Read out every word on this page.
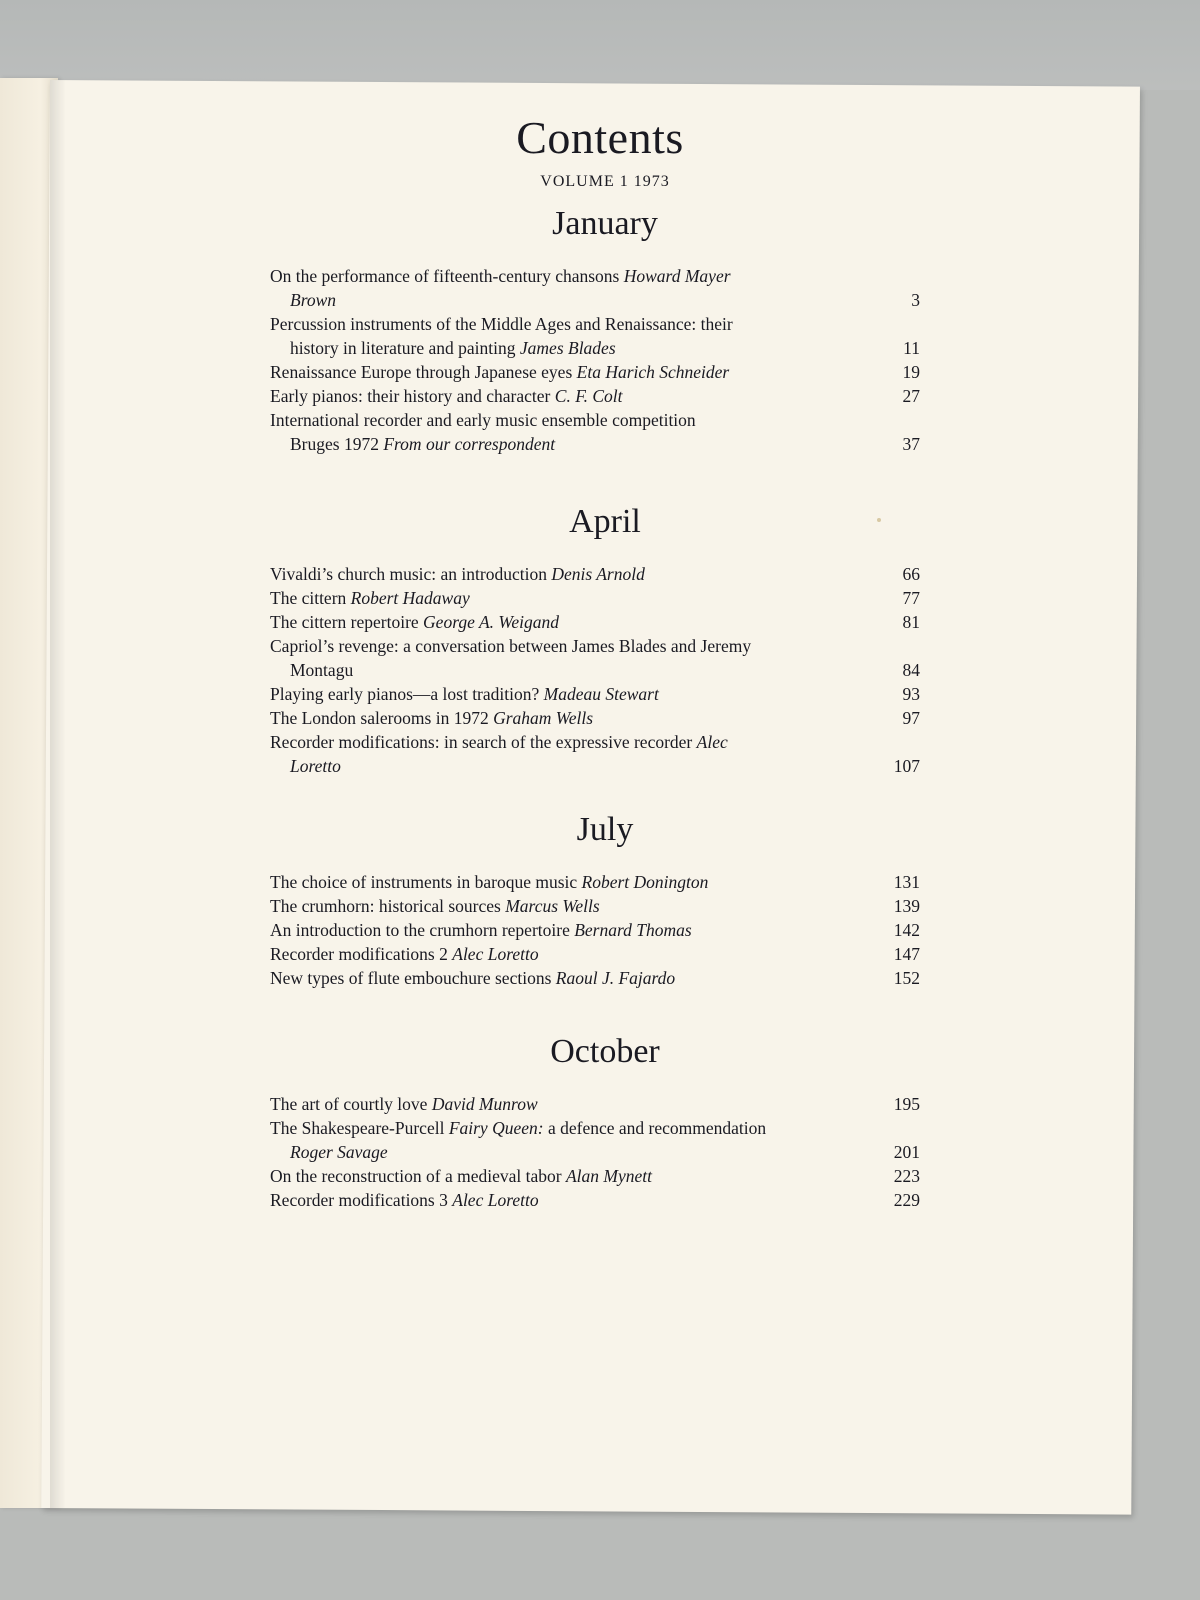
Contents
VOLUME 1 1973
January
On the performance of fifteenth-century chansons Howard Mayer
Brown	3
Percussion instruments of the Middle Ages and Renaissance: their
history in literature and painting James Blades	11
Renaissance Europe through Japanese eyes Eta Harich Schneider	19
Early pianos: their history and character C. F. Colt	27
International recorder and early music ensemble competition
Bruges 1972 From our correspondent	37
April
Vivaldi’s church music: an introduction Denis Arnold	66
The cittern Robert Hadaway	77
The cittern repertoire George A. Weigand	81
Capriol’s revenge: a conversation between James Blades and Jeremy
Montagu	84
Playing early pianos—a lost tradition? Madeau Stewart	93
The London salerooms in 1972 Graham Wells	97
Recorder modifications: in search of the expressive recorder Alec
Loretto	107
July
The choice of instruments in baroque music Robert Donington	131
The crumhorn: historical sources Marcus Wells	139
An introduction to the crumhorn repertoire Bernard Thomas	142
Recorder modifications 2 Alec Loretto	147
New types of flute embouchure sections Raoul J. Fajardo	152
October
The art of courtly love David Munrow	195
The Shakespeare-Purcell Fairy Queen: a defence and recommendation
Roger Savage	201
On the reconstruction of a medieval tabor Alan Mynett	223
Recorder modifications 3 Alec Loretto	229
